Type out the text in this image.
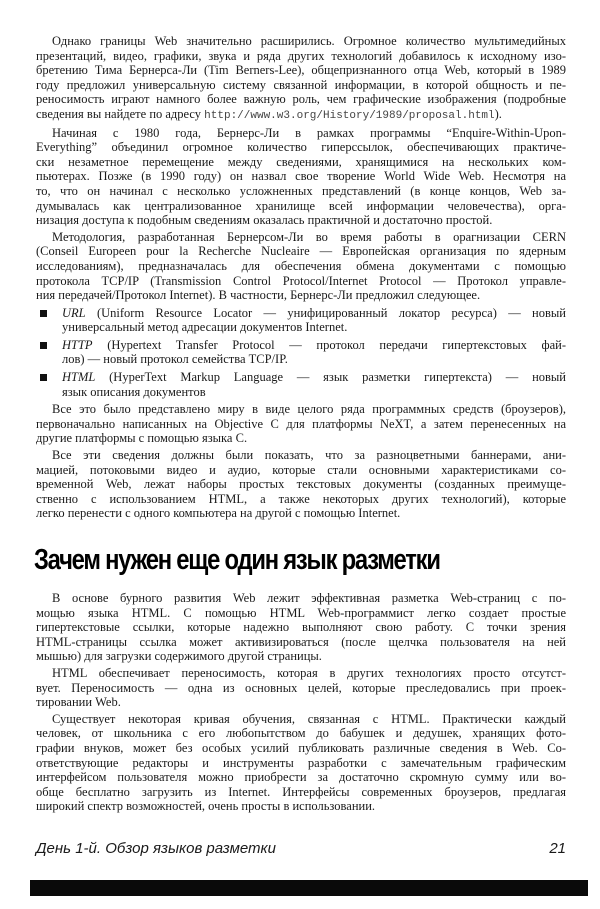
Однако границы Web значительно расширились. Огромное количество мультимедийных
презентаций, видео, графики, звука и ряда других технологий добавилось к исходному изо-
бретению Тима Бернерса-Ли (Tim Berners-Lee), общепризнанного отца Web, который в 1989
году предложил универсальную систему связанной информации, в которой общность и пе-
реносимость играют намного более важную роль, чем графические изображения (подробные
сведения вы найдете по адресу http://www.w3.org/History/1989/proposal.html).
Начиная с 1980 года, Бернерс-Ли в рамках программы “Enquire-Within-Upon-
Everything” объединил огромное количество гиперссылок, обеспечивающих практиче-
ски незаметное перемещение между сведениями, хранящимися на нескольких ком-
пьютерах. Позже (в 1990 году) он назвал свое творение World Wide Web. Несмотря на
то, что он начинал с несколько усложненных представлений (в конце концов, Web за-
думывалась как централизованное хранилище всей информации человечества), орга-
низация доступа к подобным сведениям оказалась практичной и достаточно простой.
Методология, разработанная Бернерсом-Ли во время работы в орагнизации CERN
(Conseil Europeen pour la Recherche Nucleaire — Европейская организация по ядерным
исследованиям), предназначалась для обеспечения обмена документами с помощью
протокола TCP/IP (Transmission Control Protocol/Internet Protocol — Протокол управле-
ния передачей/Протокол Internet). В частности, Бернерс-Ли предложил следующее.
URL (Uniform Resource Locator — унифицированный локатор ресурса) — новый
универсальный метод адресации документов Internet.
HTTP (Hypertext Transfer Protocol — протокол передачи гипертекстовых фай-
лов) — новый протокол семейства TCP/IP.
HTML (HyperText Markup Language — язык разметки гипертекста) — новый
язык описания документов
Все это было представлено миру в виде целого ряда программных средств (броузеров),
первоначально написанных на Objective C для платформы NeXT, а затем перенесенных на
другие платформы с помощью языка C.
Все эти сведения должны были показать, что за разноцветными баннерами, ани-
мацией, потоковыми видео и аудио, которые стали основными характеристиками со-
временной Web, лежат наборы простых текстовых документы (созданных преимуще-
ственно с использованием HTML, а также некоторых других технологий), которые
легко перенести с одного компьютера на другой с помощью Internet.
Зачем нужен еще один язык разметки
В основе бурного развития Web лежит эффективная разметка Web-страниц с по-
мощью языка HTML. С помощью HTML Web-программист легко создает простые
гипертекстовые ссылки, которые надежно выполняют свою работу. С точки зрения
HTML-страницы ссылка может активизироваться (после щелчка пользователя на ней
мышью) для загрузки содержимого другой страницы.
HTML обеспечивает переносимость, которая в других технологиях просто отсутст-
вует. Переносимость — одна из основных целей, которые преследовались при проек-
тировании Web.
Существует некоторая кривая обучения, связанная с HTML. Практически каждый
человек, от школьника с его любопытством до бабушек и дедушек, хранящих фото-
графии внуков, может без особых усилий публиковать различные сведения в Web. Со-
ответствующие редакторы и инструменты разработки с замечательным графическим
интерфейсом пользователя можно приобрести за достаточно скромную сумму или во-
обще бесплатно загрузить из Internet. Интерфейсы современных броузеров, предлагая
широкий спектр возможностей, очень просты в использовании.
День 1-й. Обзор языков разметки	21
